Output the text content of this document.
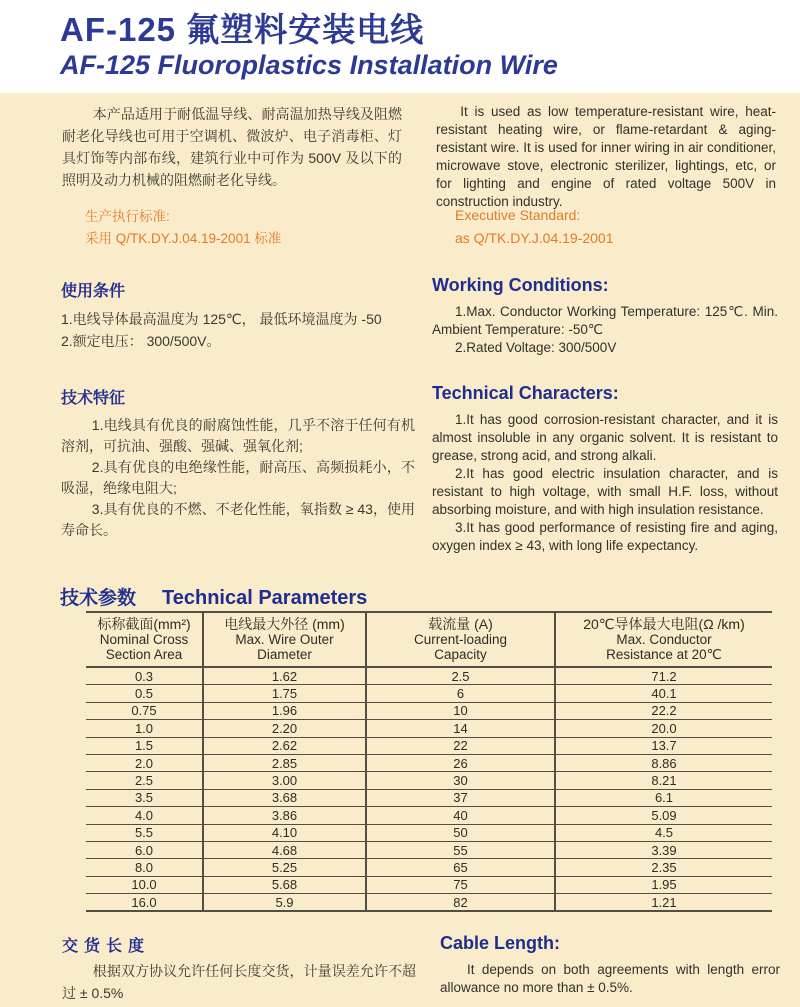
AF-125 氟塑料安装电线
AF-125 Fluoroplastics Installation Wire

本产品适用于耐低温导线、耐高温加热导线及阻燃耐老化导线也可用于空调机、微波炉、电子消毒柜、灯具灯饰等内部布线，建筑行业中可作为 500V 及以下的照明及动力机械的阻燃耐老化导线。

It is used as low temperature-resistant wire, heat-resistant heating wire, or flame-retardant & aging-resistant wire. It is used for inner wiring in air conditioner, microwave stove, electronic sterilizer, lightings, etc, or for lighting and engine of rated voltage 500V in construction industry.

生产执行标准:
采用 Q/TK.DY.J.04.19-2001 标准
Executive Standard:
as Q/TK.DY.J.04.19-2001
使用条件

1.电线导体最高温度为 125℃， 最低环境温度为 -50

2.额定电压： 300/500V。

Working Conditions:

1.Max. Conductor Working Temperature: 125℃. Min. Ambient Temperature: -50℃

2.Rated Voltage: 300/500V

技术特征

1.电线具有优良的耐腐蚀性能，几乎不溶于任何有机溶剂，可抗油、强酸、强碱、强氧化剂;

2.具有优良的电绝缘性能，耐高压、高频损耗小，不吸湿，绝缘电阻大;

3.具有优良的不燃、不老化性能，氧指数 ≥ 43，使用寿命长。

Technical Characters:

1.It has good corrosion-resistant character, and it is almost insoluble in any organic solvent. It is resistant to grease, strong acid, and strong alkali.

2.It has good electric insulation character, and is resistant to high voltage, with small H.F. loss, without absorbing moisture, and with high insulation resistance.

3.It has good performance of resisting fire and aging, oxygen index ≥ 43, with long life expectancy.

技术参数 Technical Parameters
标称截面(mm²)
Nominal Cross
Section Area

电线最大外径 (mm)
Max. Wire Outer
Diameter

载流量 (A)
Current-loading
Capacity

20℃导体最大电阻(Ω /km)
Max. Conductor
Resistance at 20℃

0.3	1.62	2.5	71.2
0.5	1.75	6	40.1
0.75	1.96	10	22.2
1.0	2.20	14	20.0
1.5	2.62	22	13.7
2.0	2.85	26	8.86
2.5	3.00	30	8.21
3.5	3.68	37	6.1
4.0	3.86	40	5.09
5.5	4.10	50	4.5
6.0	4.68	55	3.39
8.0	5.25	65	2.35
10.0	5.68	75	1.95
16.0	5.9	82	1.21
交货长度

根据双方协议允许任何长度交货，计量误差允许不超过 ± 0.5%

Cable Length:

It depends on both agreements with length error allowance no more than ± 0.5%.
